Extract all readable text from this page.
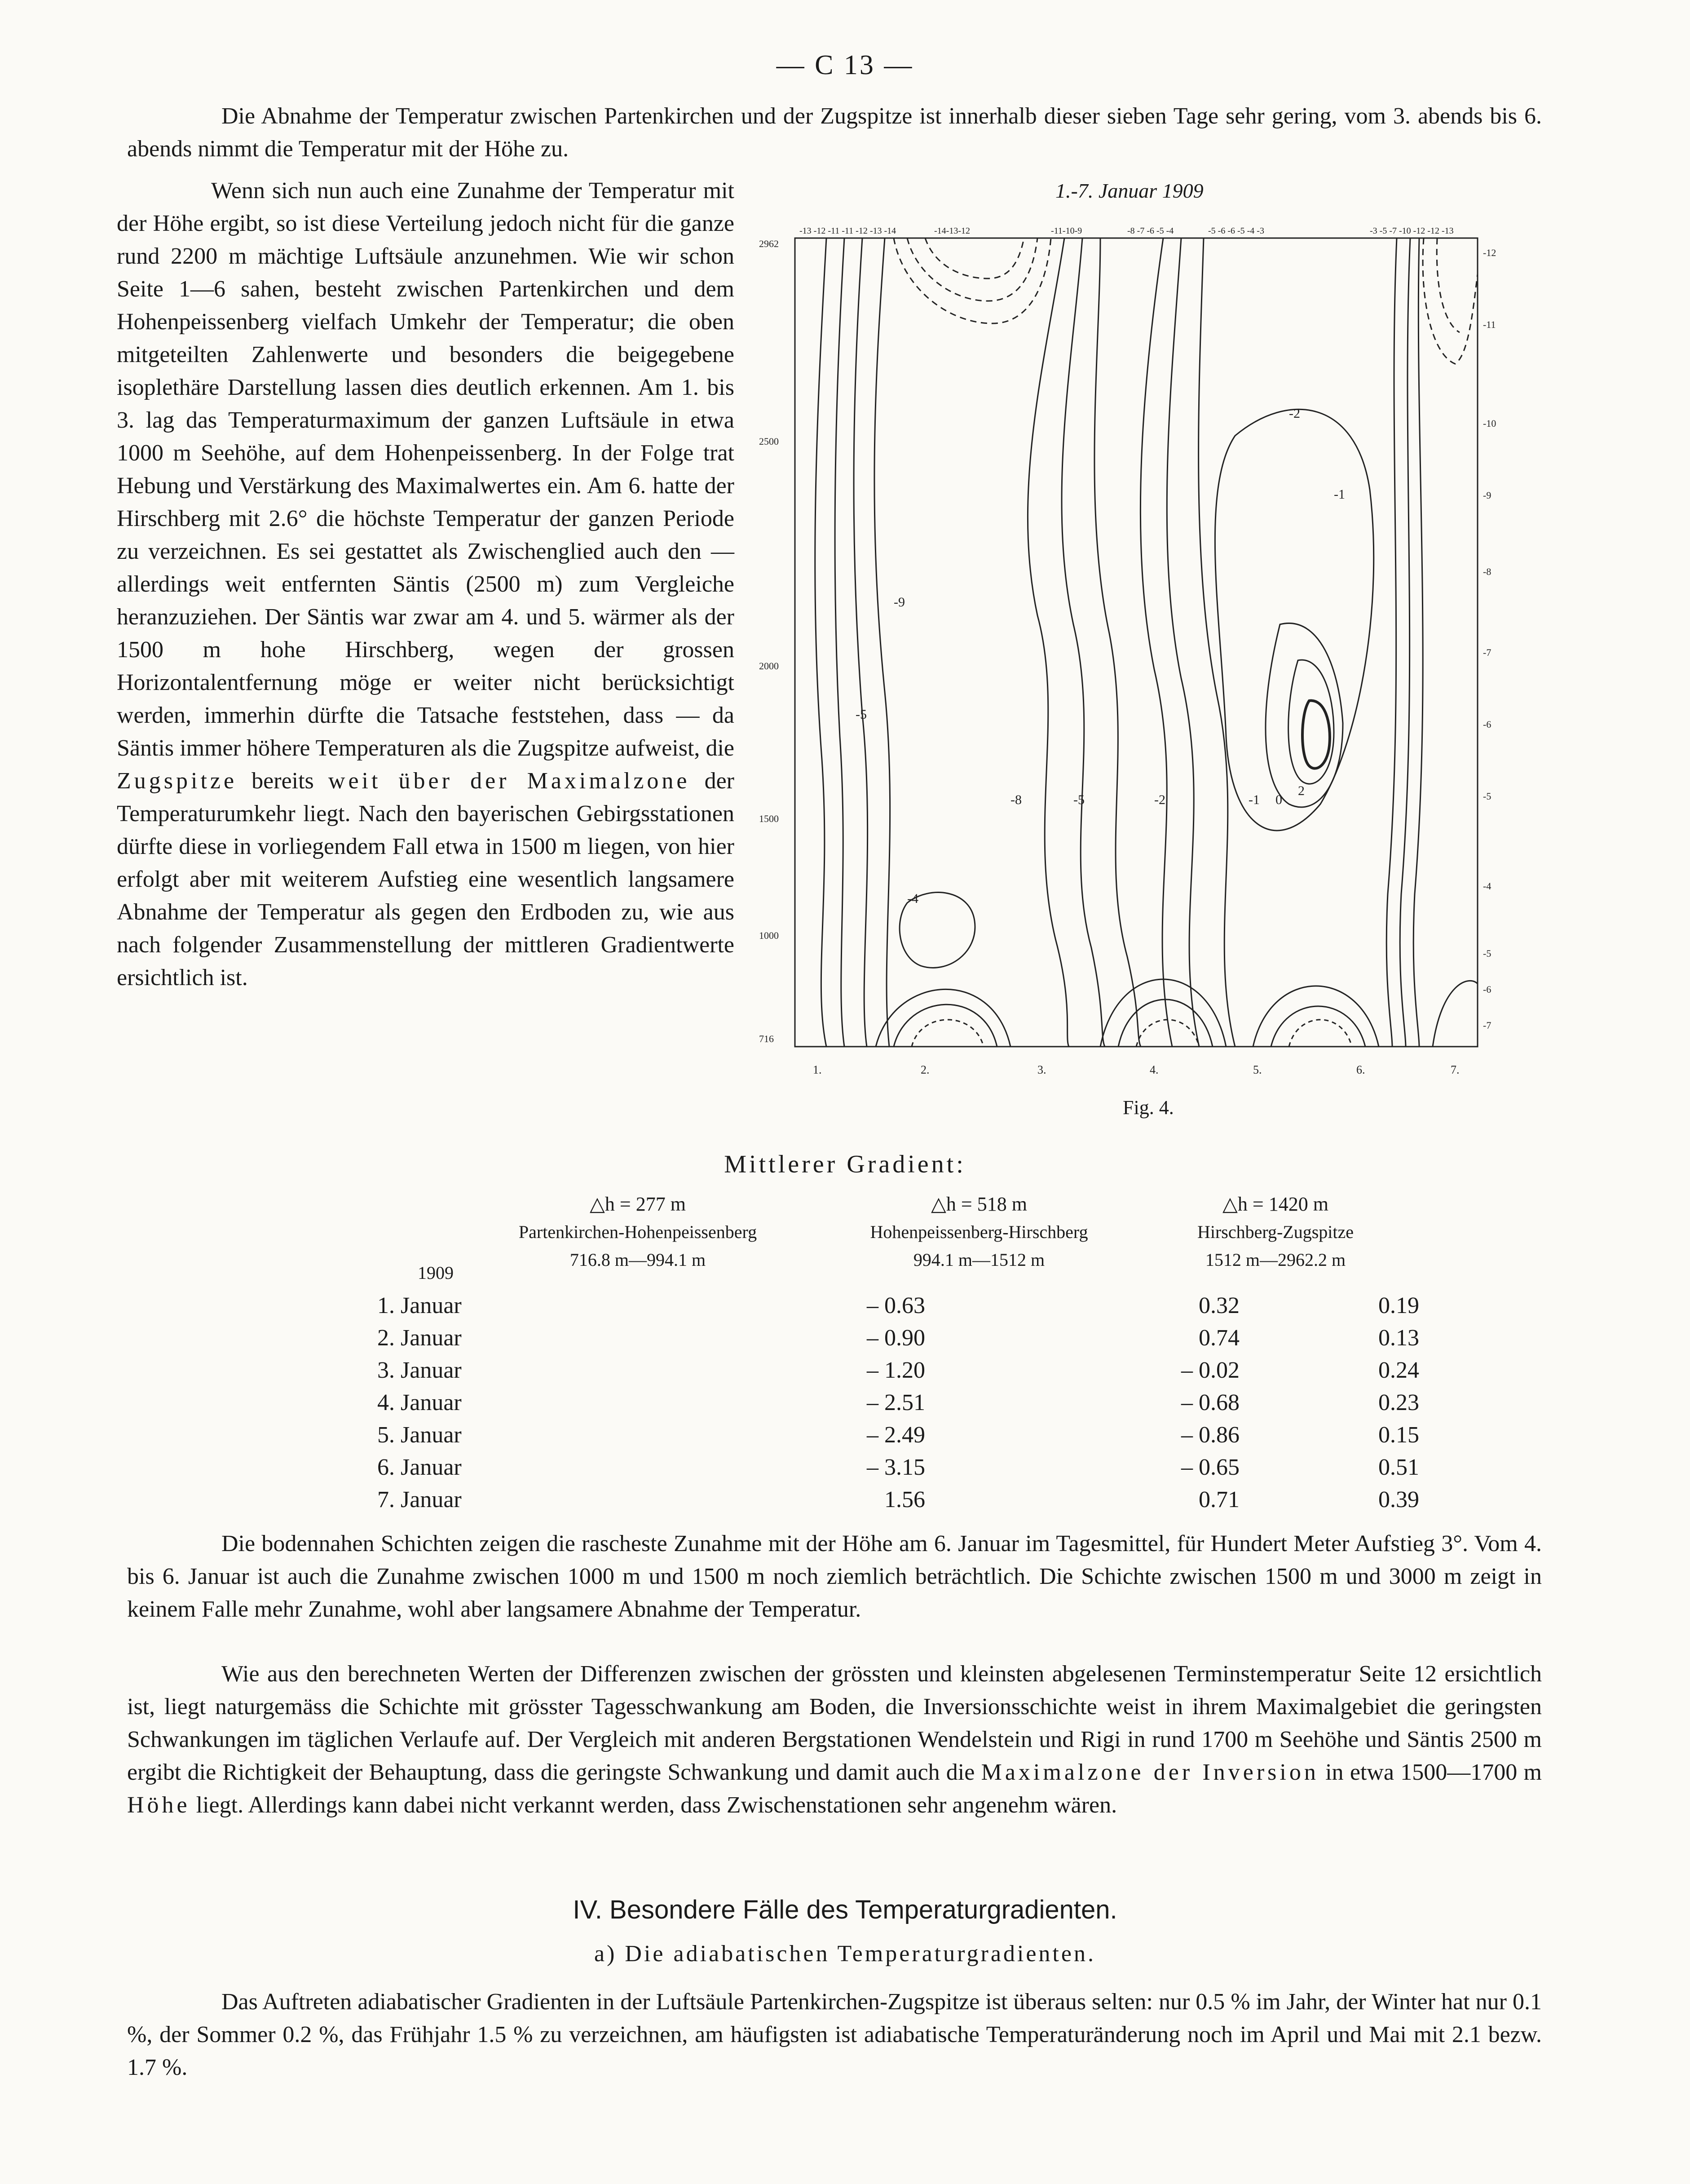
— C 13 —

Die Abnahme der Temperatur zwischen Partenkirchen und der Zugspitze ist innerhalb dieser sieben Tage sehr gering, vom 3. abends bis 6. abends nimmt die Temperatur mit der Höhe zu.

Wenn sich nun auch eine Zunahme der Temperatur mit der Höhe ergibt, so ist diese Verteilung jedoch nicht für die ganze rund 2200 m mächtige Luftsäule anzunehmen. Wie wir schon Seite 1—6 sahen, besteht zwischen Partenkirchen und dem Hohenpeissenberg vielfach Umkehr der Temperatur; die oben mitgeteilten Zahlenwerte und besonders die beigegebene isoplethäre Darstellung lassen dies deutlich erkennen. Am 1. bis 3. lag das Temperaturmaximum der ganzen Luftsäule in etwa 1000 m Seehöhe, auf dem Hohenpeissenberg. In der Folge trat Hebung und Verstärkung des Maximalwertes ein. Am 6. hatte der Hirschberg mit 2.6° die höchste Temperatur der ganzen Periode zu verzeichnen. Es sei gestattet als Zwischenglied auch den — allerdings weit entfernten Säntis (2500 m) zum Vergleiche heranzuziehen. Der Säntis war zwar am 4. und 5. wärmer als der 1500 m hohe Hirschberg, wegen der grossen Horizontalentfernung möge er weiter nicht berücksichtigt werden, immerhin dürfte die Tatsache feststehen, dass — da Säntis immer höhere Temperaturen als die Zugspitze aufweist, die Zugspitze bereits weit über der Maximalzone der Temperaturumkehr liegt. Nach den bayerischen Gebirgsstationen dürfte diese in vorliegendem Fall etwa in 1500 m liegen, von hier erfolgt aber mit weiterem Aufstieg eine wesentlich langsamere Abnahme der Temperatur als gegen den Erdboden zu, wie aus nach folgender Zusammenstellung der mittleren Gradientwerte ersichtlich ist.

1.-7. Januar 1909
-9
-5
-8	-5	-2	-1 0
2
-4
-2
-1
-13 -12 -11 -11 -12 -13 -14	-14-13-12	-11-10-9	-8 -7 -6 -5 -4	-5 -6 -6 -5 -4 -3	-3 -5 -7 -10 -12 -12 -13
2962
2500
2000
1500
1000
716
-12
-11
-10
-9
-8
-7
-6
-5
-4
-5
-6
-7
1.	2.	3.	4.	5.	6.	7.
Fig. 4.
Mittlerer Gradient:
△h = 277 m
Partenkirchen-Hohenpeissenberg
716.8 m—994.1 m
△h = 518 m
Hohenpeissenberg-Hirschberg
994.1 m—1512 m
△h = 1420 m
Hirschberg-Zugspitze
1512 m—2962.2 m
1909
1. Januar	– 0.63	0.32	0.19
2. Januar	– 0.90	0.74	0.13
3. Januar	– 1.20	– 0.02	0.24
4. Januar	– 2.51	– 0.68	0.23
5. Januar	– 2.49	– 0.86	0.15
6. Januar	– 3.15	– 0.65	0.51
7. Januar	1.56	0.71	0.39

Die bodennahen Schichten zeigen die rascheste Zunahme mit der Höhe am 6. Januar im Tagesmittel, für Hundert Meter Aufstieg 3°. Vom 4. bis 6. Januar ist auch die Zunahme zwischen 1000 m und 1500 m noch ziemlich beträchtlich. Die Schichte zwischen 1500 m und 3000 m zeigt in keinem Falle mehr Zunahme, wohl aber langsamere Abnahme der Temperatur.

Wie aus den berechneten Werten der Differenzen zwischen der grössten und kleinsten abgelesenen Terminstemperatur Seite 12 ersichtlich ist, liegt naturgemäss die Schichte mit grösster Tagesschwankung am Boden, die Inversionsschichte weist in ihrem Maximalgebiet die geringsten Schwankungen im täglichen Verlaufe auf. Der Vergleich mit anderen Bergstationen Wendelstein und Rigi in rund 1700 m Seehöhe und Säntis 2500 m ergibt die Richtigkeit der Behauptung, dass die geringste Schwankung und damit auch die Maximalzone der Inversion in etwa 1500—1700 m Höhe liegt. Allerdings kann dabei nicht verkannt werden, dass Zwischenstationen sehr angenehm wären.

IV. Besondere Fälle des Temperaturgradienten.
a) Die adiabatischen Temperaturgradienten.

Das Auftreten adiabatischer Gradienten in der Luftsäule Partenkirchen-Zugspitze ist überaus selten: nur 0.5 % im Jahr, der Winter hat nur 0.1 %, der Sommer 0.2 %, das Frühjahr 1.5 % zu verzeichnen, am häufigsten ist adiabatische Temperaturänderung noch im April und Mai mit 2.1 bezw. 1.7 %.
